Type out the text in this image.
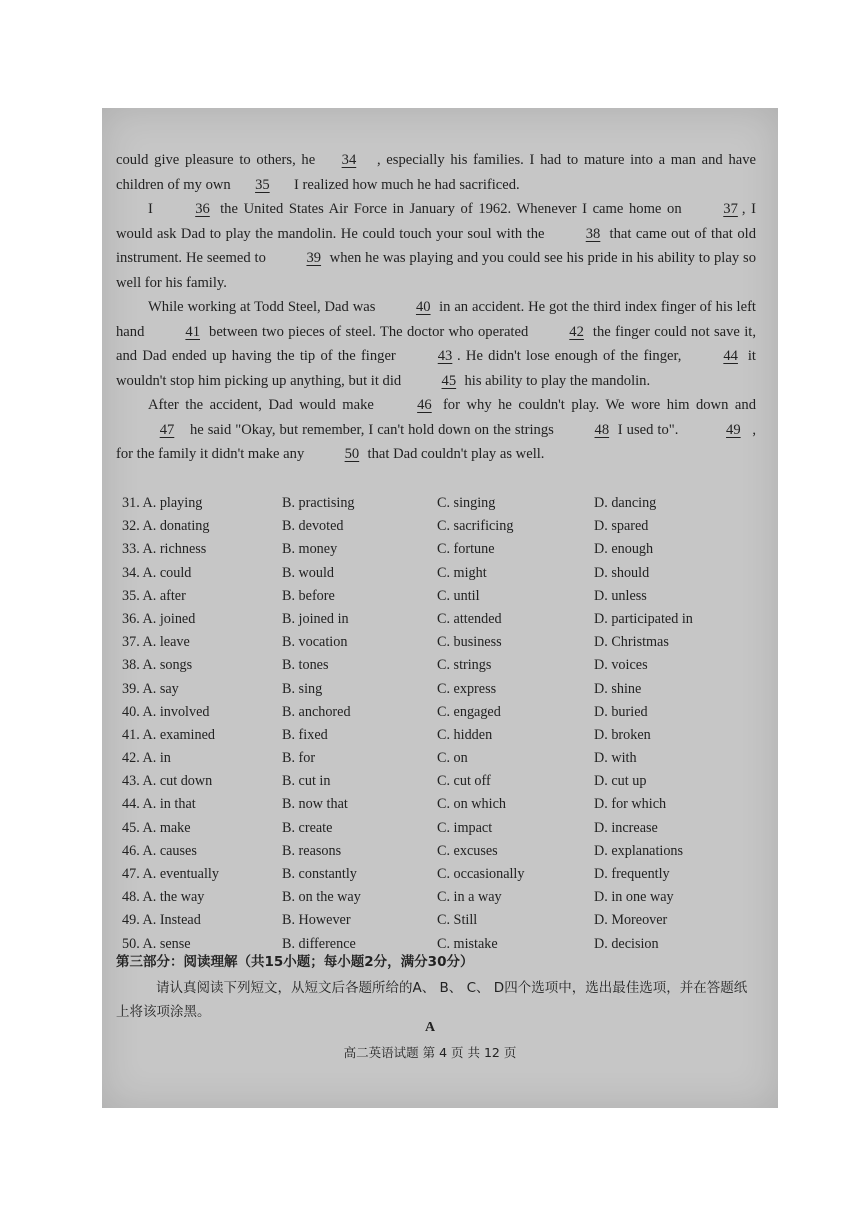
could give pleasure to others, he 34 , especially his families. I had to mature into a man and have children of my own 35 I realized how much he had sacrificed.

I	36 the United States Air Force in January of 1962. Whenever I came home on 37 , I would ask Dad to play the mandolin. He could touch your soul with the	38 that came out of that old instrument. He seemed to	39 when he was playing and you could see his pride in his ability to play so well for his family.

While working at Todd Steel, Dad was	40 in an accident. He got the third index finger of his left hand	41 between two pieces of steel. The doctor who operated	42 the finger could not save it, and Dad ended up having the tip of the finger	43 . He didn't lose enough of the finger,	44 it wouldn't stop him picking up anything, but it did	45 his ability to play the mandolin.

After the accident, Dad would make	46 for why he couldn't play. We wore him down and 47 he said "Okay, but remember, I can't hold down on the strings	48 I used to".	49 , for the family it didn't make any	50 that Dad couldn't play as well.

31. A. playing	B. practising	C. singing	D. dancing
32. A. donating	B. devoted	C. sacrificing	D. spared
33. A. richness	B. money	C. fortune	D. enough
34. A. could	B. would	C. might	D. should
35. A. after	B. before	C. until	D. unless
36. A. joined	B. joined in	C. attended	D. participated in
37. A. leave	B. vocation	C. business	D. Christmas
38. A. songs	B. tones	C. strings	D. voices
39. A. say	B. sing	C. express	D. shine
40. A. involved	B. anchored	C. engaged	D. buried
41. A. examined	B. fixed	C. hidden	D. broken
42. A. in	B. for	C. on	D. with
43. A. cut down	B. cut in	C. cut off	D. cut up
44. A. in that	B. now that	C. on which	D. for which
45. A. make	B. create	C. impact	D. increase
46. A. causes	B. reasons	C. excuses	D. explanations
47. A. eventually	B. constantly	C. occasionally	D. frequently
48. A. the way	B. on the way	C. in a way	D. in one way
49. A. Instead	B. However	C. Still	D. Moreover
50. A. sense	B. difference	C. mistake	D. decision
第三部分：阅读理解（共15小题；每小题2分，满分30分）
请认真阅读下列短文，从短文后各题所给的A、 B、 C、 D四个选项中，选出最佳选项，并在答题纸上将该项涂黑。
A
高二英语试题 第 4 页 共 12 页
